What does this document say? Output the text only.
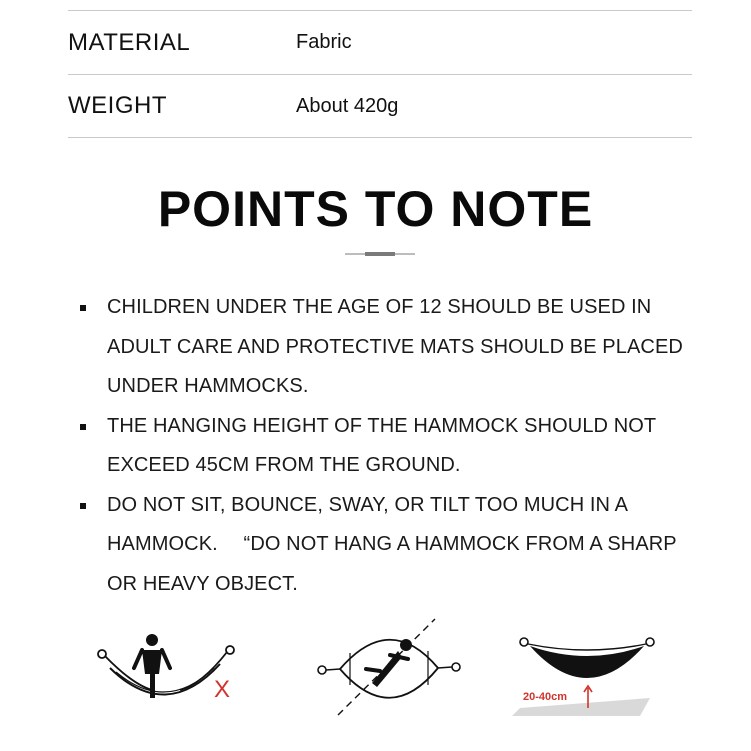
MATERIAL	Fabric
WEIGHT	About 420g
POINTS TO NOTE
CHILDREN UNDER THE AGE OF 12 SHOULD BE USED IN ADULT CARE AND PROTECTIVE MATS SHOULD BE PLACED UNDER HAMMOCKS.
THE HANGING HEIGHT OF THE HAMMOCK SHOULD NOT EXCEED 45CM FROM THE GROUND.
DO NOT SIT, BOUNCE, SWAY, OR TILT TOO MUCH IN A HAMMOCK. 　“DO NOT HANG A HAMMOCK FROM A SHARP OR HEAVY OBJECT.
X	20-40cm
